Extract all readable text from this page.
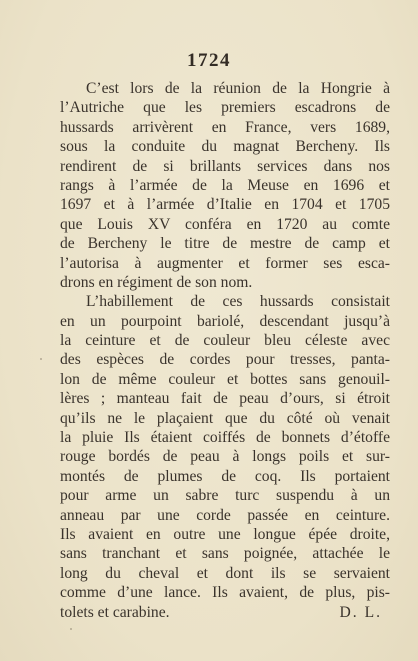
1724
C’est lors de la réunion de la Hongrie à
l’Autriche que les premiers escadrons de
hussards arrivèrent en France, vers 1689,
sous la conduite du magnat Bercheny. Ils
rendirent de si brillants services dans nos
rangs à l’armée de la Meuse en 1696 et
1697 et à l’armée d’Italie en 1704 et 1705
que Louis XV conféra en 1720 au comte
de Bercheny le titre de mestre de camp et
l’autorisa à augmenter et former ses esca-
drons en régiment de son nom.
L’habillement de ces hussards consistait
en un pourpoint bariolé, descendant jusqu’à
la ceinture et de couleur bleu céleste avec
des espèces de cordes pour tresses, panta-
lon de même couleur et bottes sans genouil-
lères ; manteau fait de peau d’ours, si étroit
qu’ils ne le plaçaient que du côté où venait
la pluie Ils étaient coiffés de bonnets d’étoffe
rouge bordés de peau à longs poils et sur-
montés de plumes de coq. Ils portaient
pour arme un sabre turc suspendu à un
anneau par une corde passée en ceinture.
Ils avaient en outre une longue épée droite,
sans tranchant et sans poignée, attachée le
long du cheval et dont ils se servaient
comme d’une lance. Ils avaient, de plus, pis-
tolets et carabine.	D. L.
